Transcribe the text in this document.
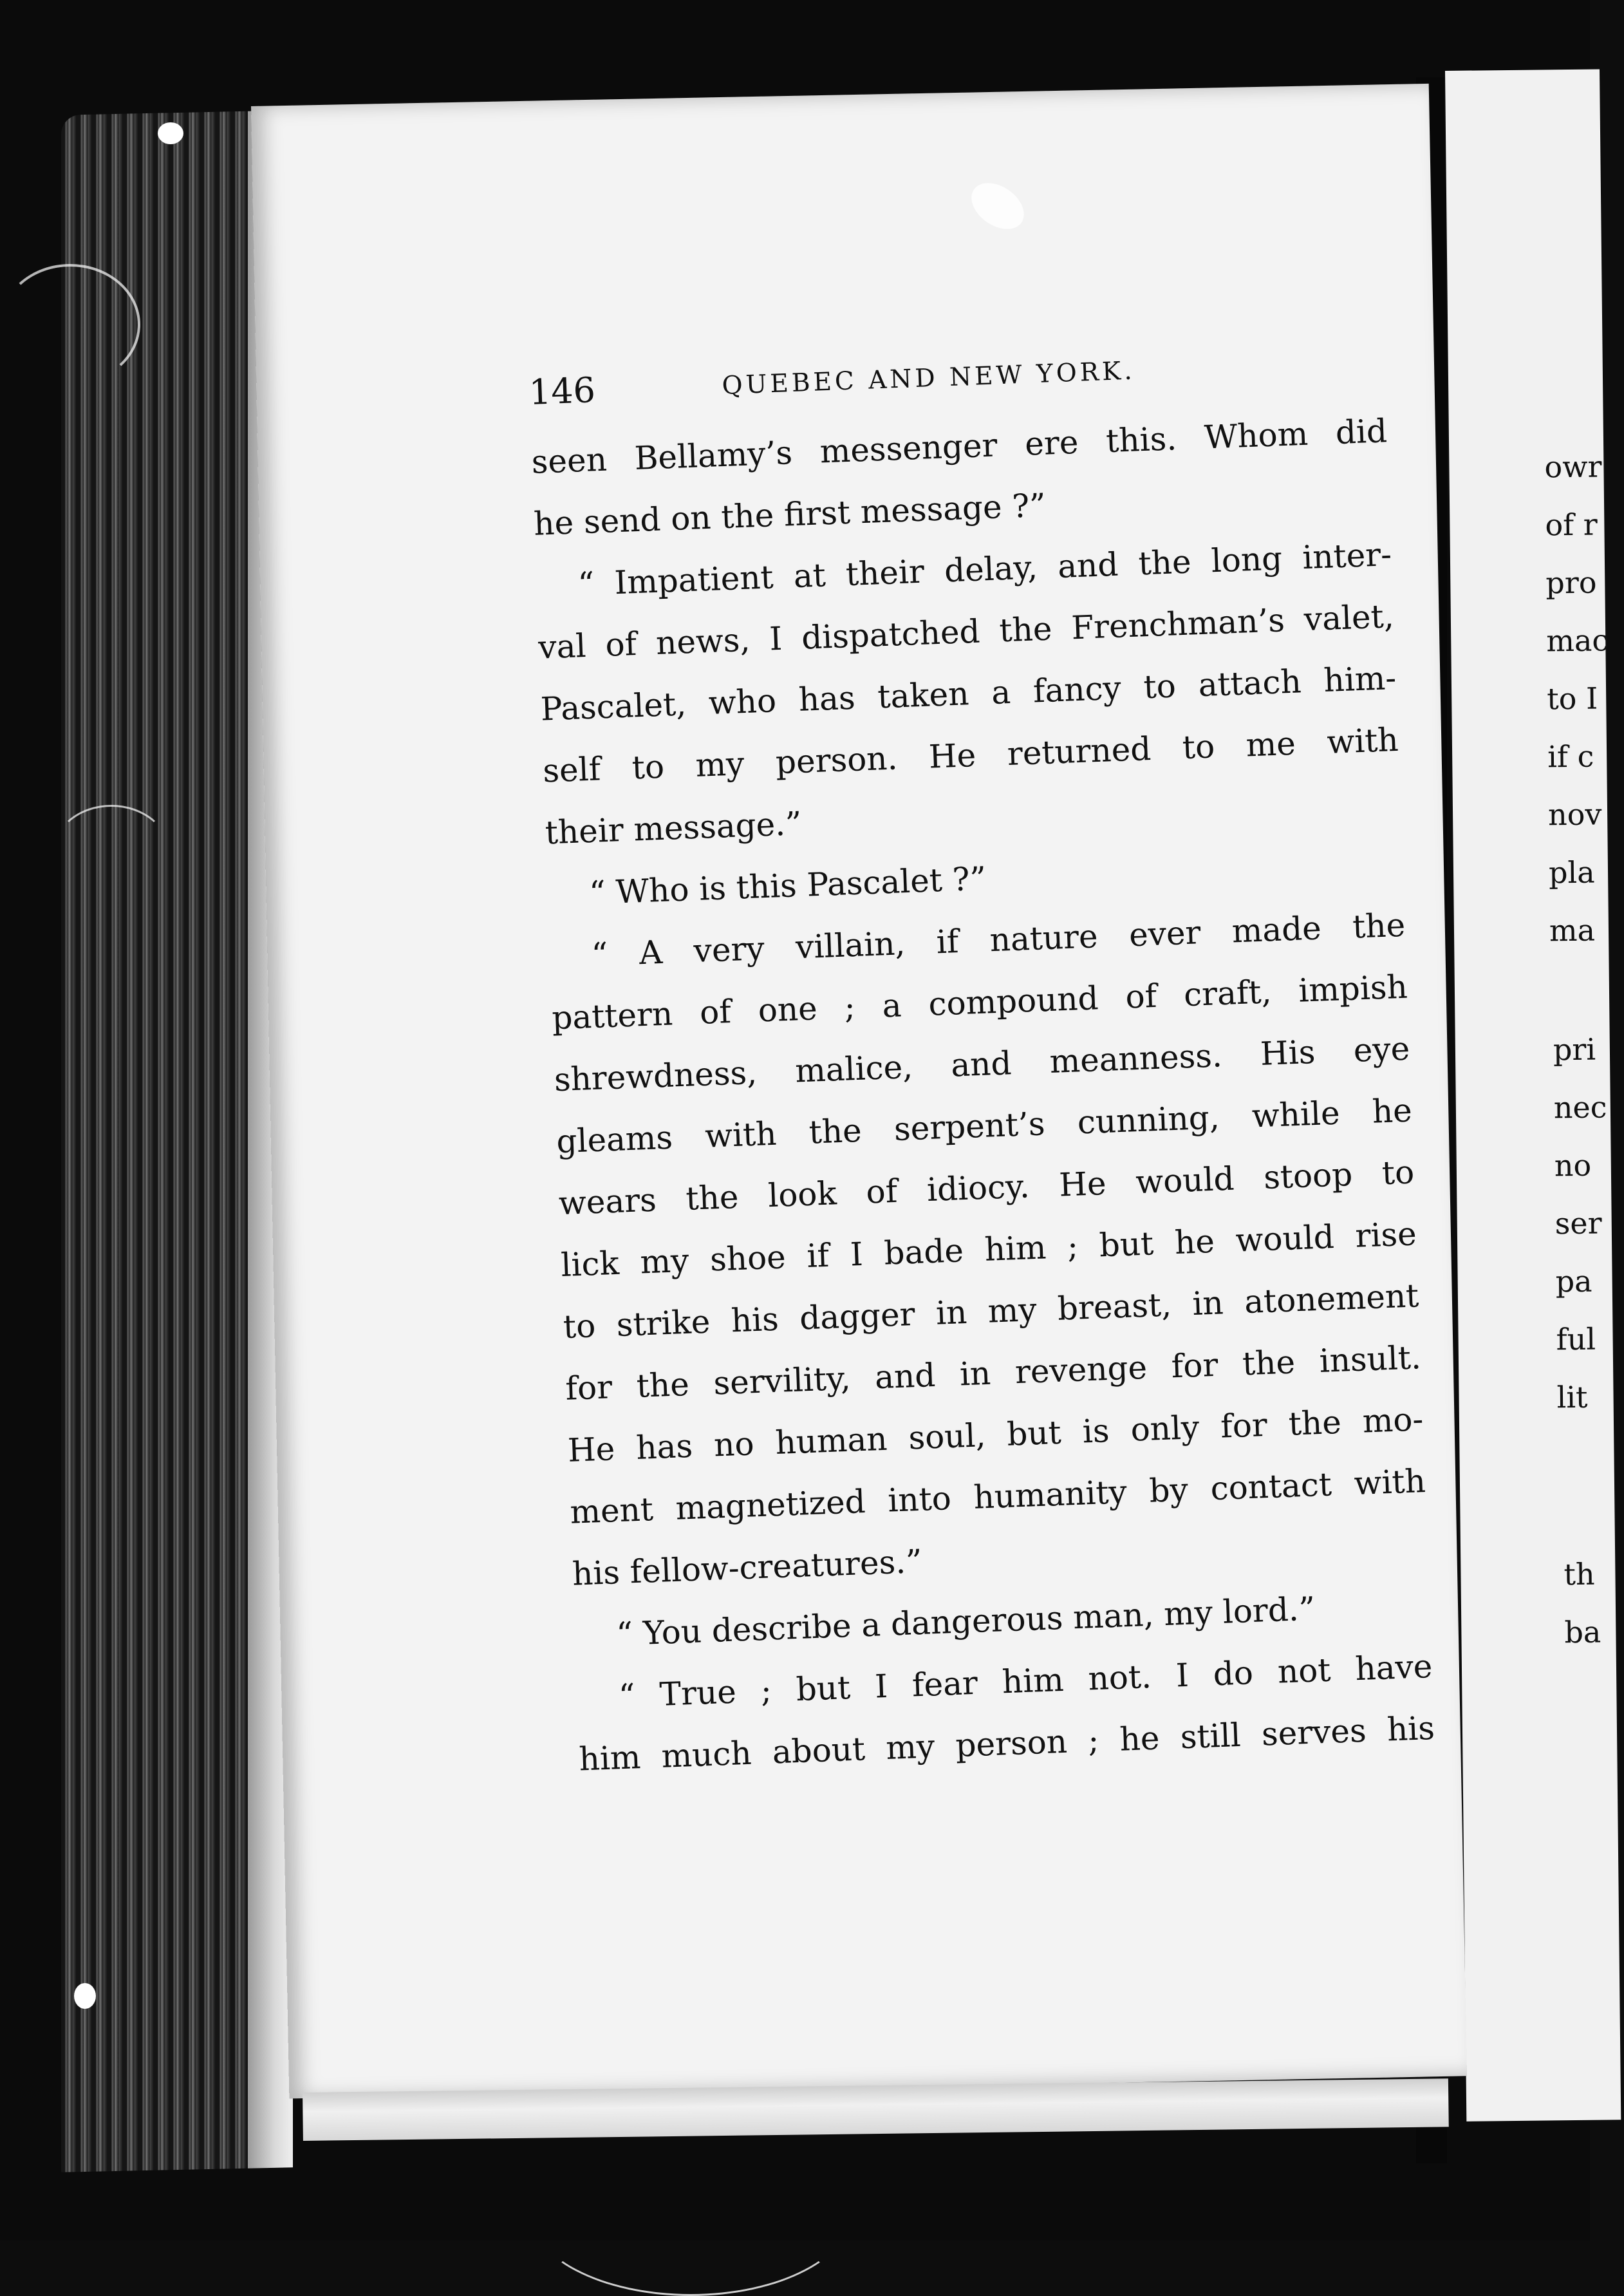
owr
of r
pro
mac
to I
if c
nov
pla
ma
pri
nec
no
ser
pa
ful
lit
th
ba
146	QUEBEC AND NEW YORK.
seen Bellamy’s messenger ere this. Whom did
he send on the first message ?”
“ Impatient at their delay, and the long inter-
val of news, I dispatched the Frenchman’s valet,
Pascalet, who has taken a fancy to attach him-
self to my person. He returned to me with
their message.”
“ Who is this Pascalet ?”
“ A very villain, if nature ever made the
pattern of one ; a compound of craft, impish
shrewdness, malice, and meanness. His eye
gleams with the serpent’s cunning, while he
wears the look of idiocy. He would stoop to
lick my shoe if I bade him ; but he would rise
to strike his dagger in my breast, in atonement
for the servility, and in revenge for the insult.
He has no human soul, but is only for the mo-
ment magnetized into humanity by contact with
his fellow-creatures.”
“ You describe a dangerous man, my lord.”
“ True ; but I fear him not. I do not have
him much about my person ; he still serves his
